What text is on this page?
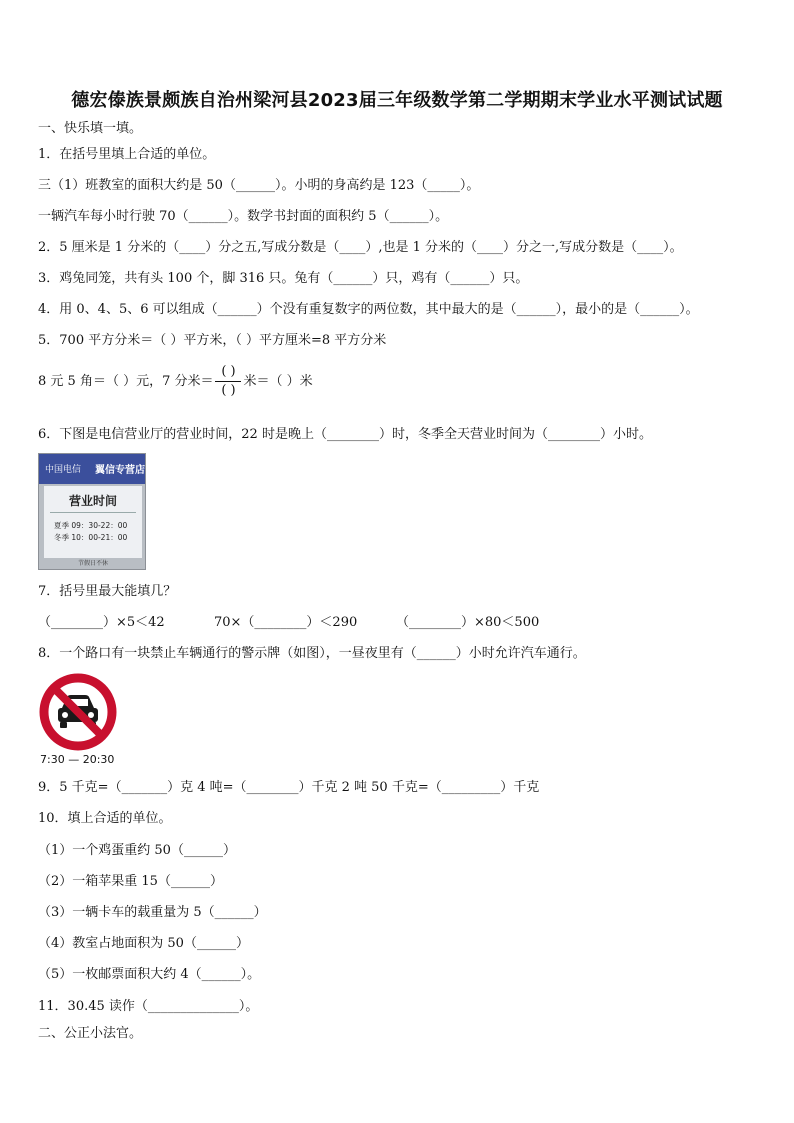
德宏傣族景颇族自治州梁河县2023届三年级数学第二学期期末学业水平测试试题
一、快乐填一填。
1．在括号里填上合适的单位。
三（1）班教室的面积大约是 50（______）。小明的身高约是 123（_____）。
一辆汽车每小时行驶 70（______）。数学书封面的面积约 5（______）。
2．5 厘米是 1 分米的（____）分之五,写成分数是（____）,也是 1 分米的（____）分之一,写成分数是（____）。
3．鸡兔同笼，共有头 100 个，脚 316 只。兔有（______）只，鸡有（______）只。
4．用 0、4、5、6 可以组成（______）个没有重复数字的两位数，其中最大的是（______），最小的是（______）。
5．700 平方分米＝（ ）平方米，（ ）平方厘米=8 平方分米
8 元 5 角＝（ ）元，7 分米＝ $\frac{( )}{( )}$ 米＝（ ）米
6．下图是电信营业厅的营业时间，22 时是晚上（________）时，冬季全天营业时间为（________）小时。
中国电信 翼信专营店
营业时间
夏季 09：30-22：00
冬季 10：00-21：00
节假日不休
7．括号里最大能填几？
（________）×5＜42	70×（________）＜290	（________）×80＜500
8．一个路口有一块禁止车辆通行的警示牌（如图），一昼夜里有（______）小时允许汽车通行。
7:30 — 20:30
9．5 千克=（_______）克 4 吨=（________）千克 2 吨 50 千克=（_________）千克
10．填上合适的单位。
（1）一个鸡蛋重约 50（______）
（2）一箱苹果重 15（______）
（3）一辆卡车的载重量为 5（______）
（4）教室占地面积为 50（______）
（5）一枚邮票面积大约 4（______）。
11．30.45 读作（______________）。
二、公正小法官。
